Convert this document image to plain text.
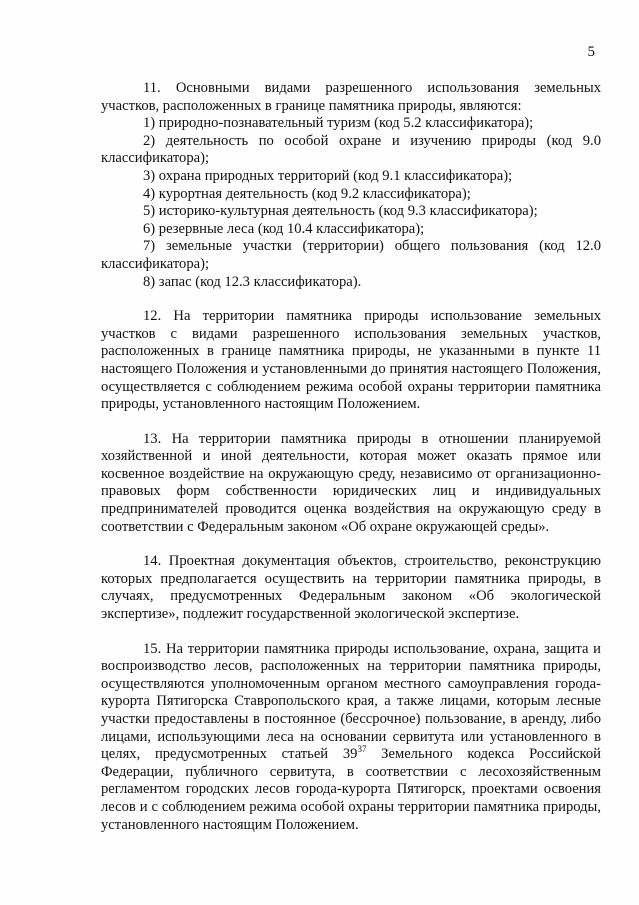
5

11. Основными видами разрешенного использования земельных участков, расположенных в границе памятника природы, являются:

1) природно-познавательный туризм (код 5.2 классификатора);

2) деятельность по особой охране и изучению природы (код 9.0 классификатора);

3) охрана природных территорий (код 9.1 классификатора);

4) курортная деятельность (код 9.2 классификатора);

5) историко-культурная деятельность (код 9.3 классификатора);

6) резервные леса (код 10.4 классификатора);

7) земельные участки (территории) общего пользования (код 12.0 классификатора);

8) запас (код 12.3 классификатора).

12. На территории памятника природы использование земельных участков с видами разрешенного использования земельных участков, расположенных в границе памятника природы, не указанными в пункте 11 настоящего Положения и установленными до принятия настоящего Положения, осуществляется с соблюдением режима особой охраны территории памятника природы, установленного настоящим Положением.

13. На территории памятника природы в отношении планируемой хозяйственной и иной деятельности, которая может оказать прямое или косвенное воздействие на окружающую среду, независимо от организационно-правовых форм собственности юридических лиц и индивидуальных предпринимателей проводится оценка воздействия на окружающую среду в соответствии с Федеральным законом «Об охране окружающей среды».

14. Проектная документация объектов, строительство, реконструкцию которых предполагается осуществить на территории памятника природы, в случаях, предусмотренных Федеральным законом «Об экологической экспертизе», подлежит государственной экологической экспертизе.

15. На территории памятника природы использование, охрана, защита и воспроизводство лесов, расположенных на территории памятника природы, осуществляются уполномоченным органом местного самоуправления города-курорта Пятигорска Ставропольского края, а также лицами, которым лесные участки предоставлены в постоянное (бессрочное) пользование, в аренду, либо лицами, использующими леса на основании сервитута или установленного в целях, предусмотренных статьей $39^{37}$ Земельного кодекса Российской Федерации, публичного сервитута, в соответствии с лесохозяйственным регламентом городских лесов города-курорта Пятигорск, проектами освоения лесов и с соблюдением режима особой охраны территории памятника природы, установленного настоящим Положением.
